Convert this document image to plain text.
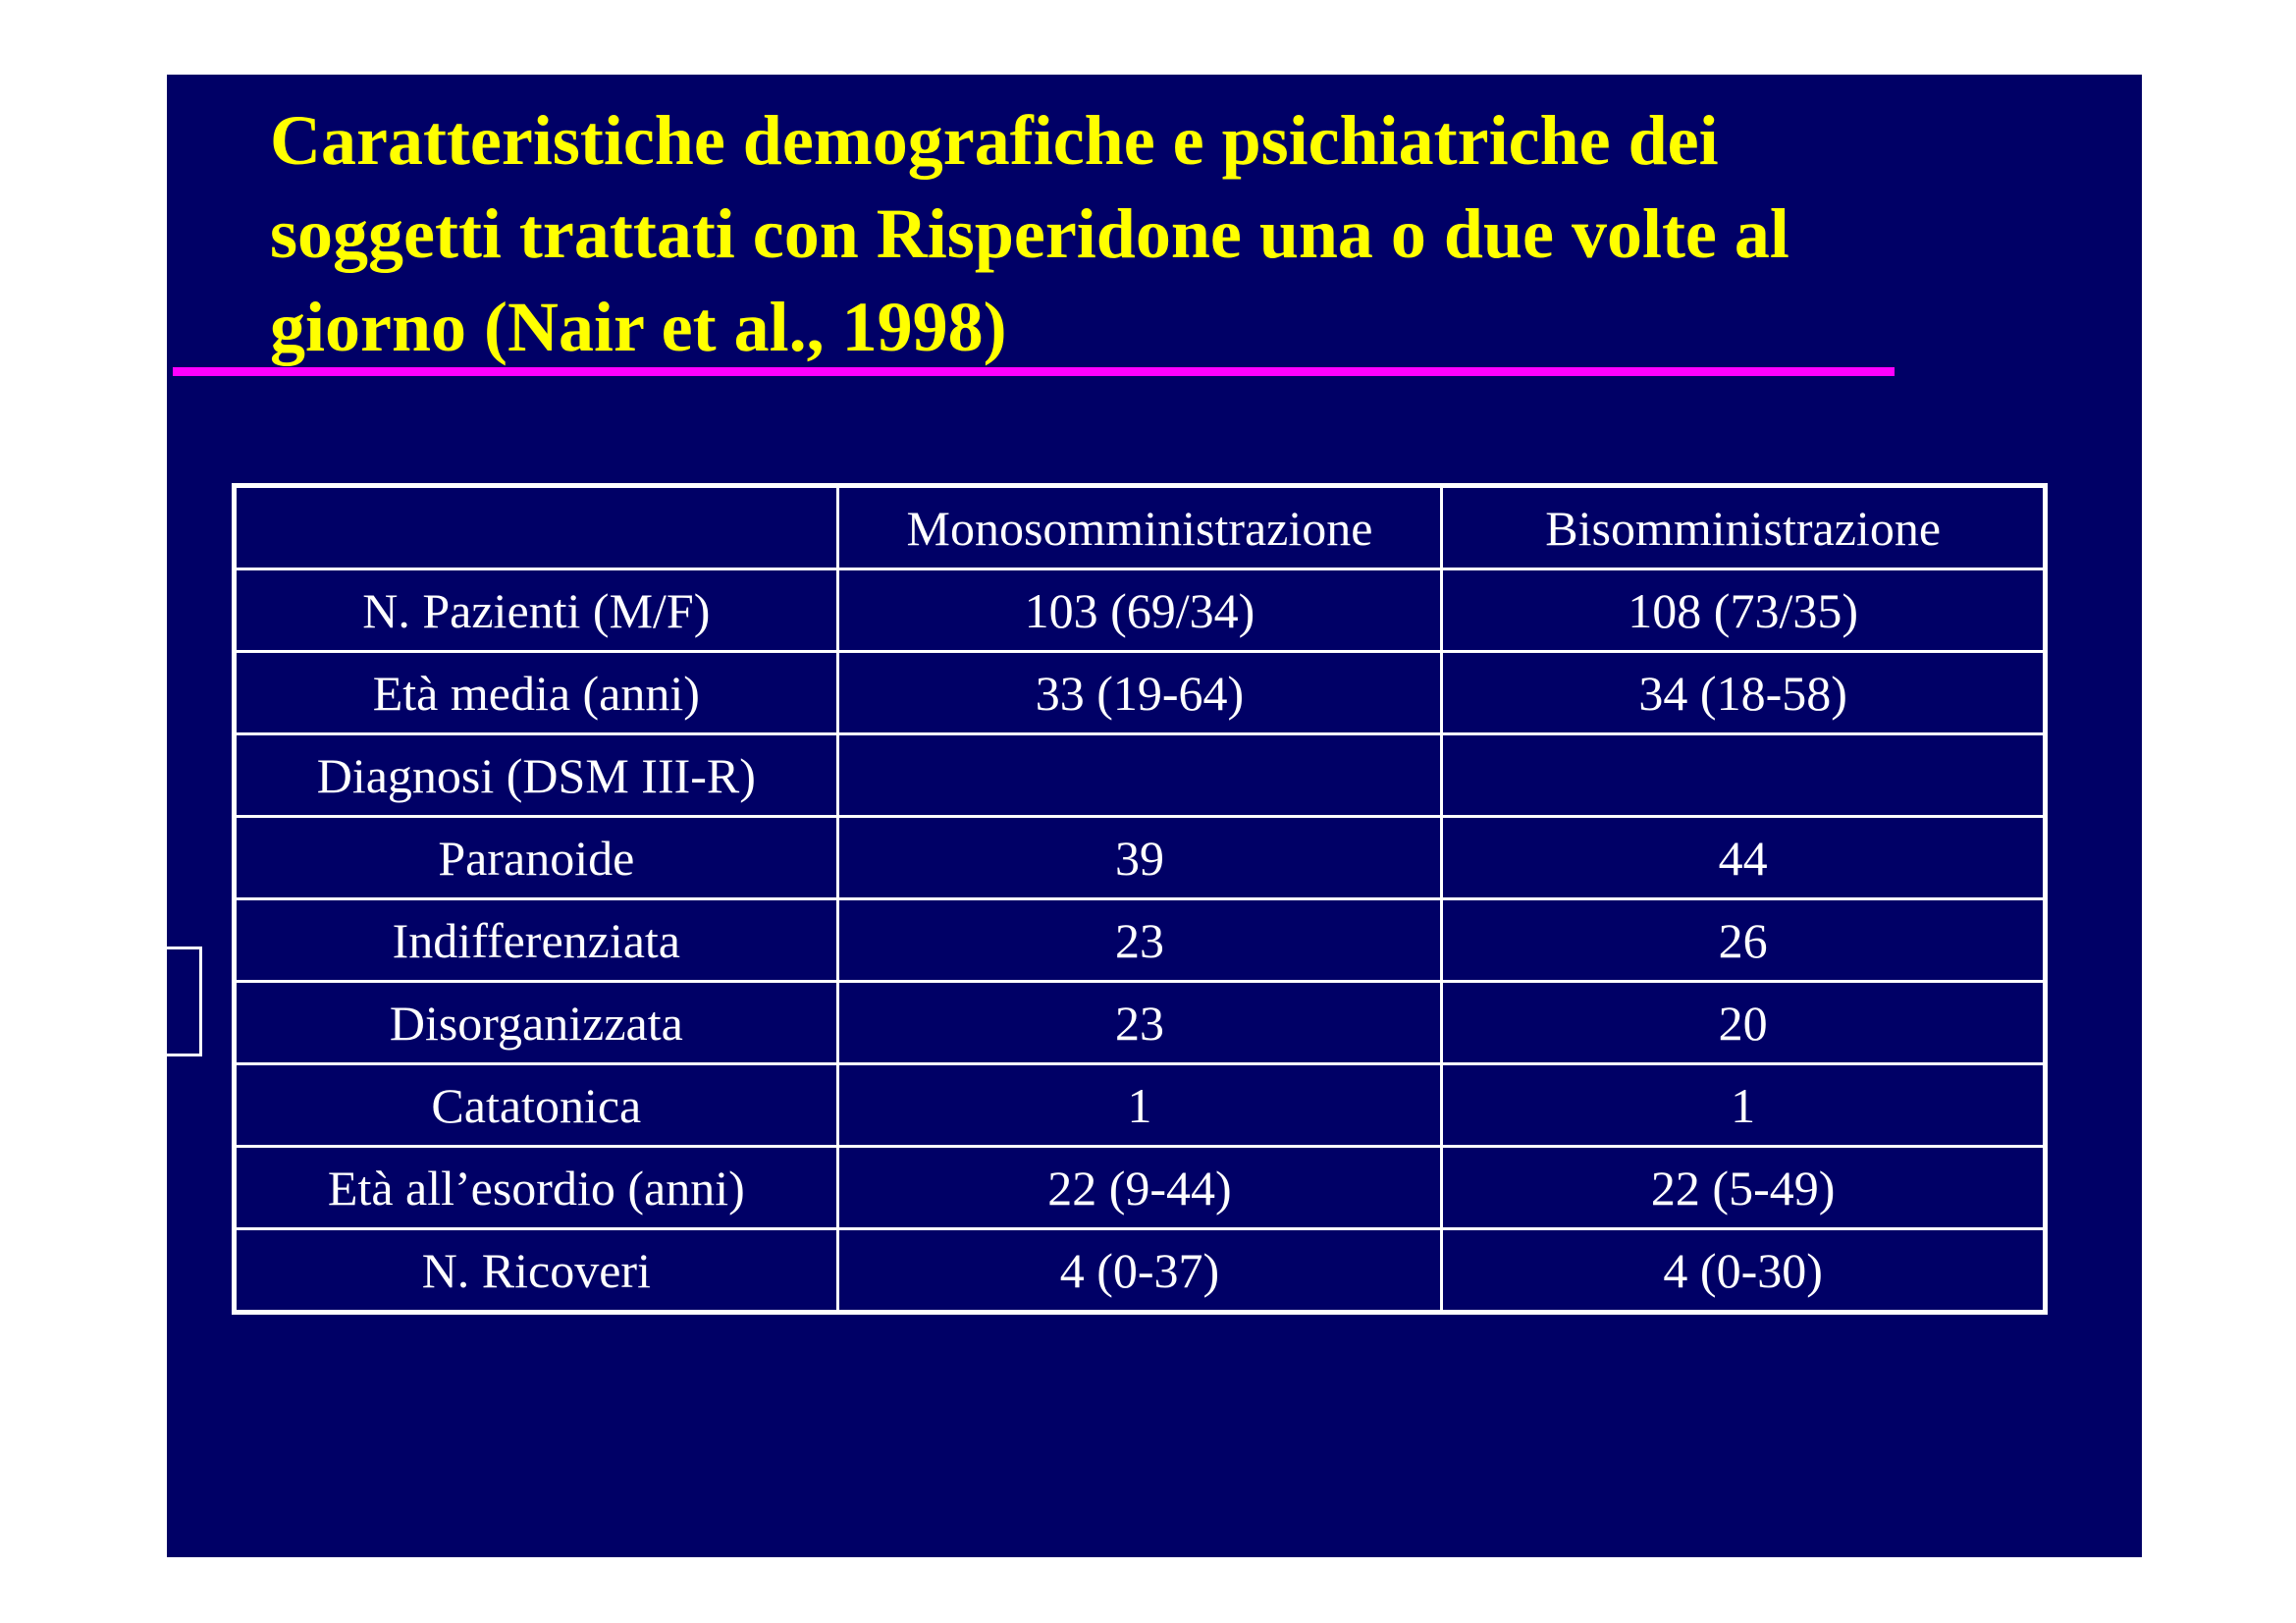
Caratteristiche demografiche e psichiatriche dei soggetti trattati con Risperidone una o due volte al giorno (Nair et al., 1998)
	Monosomministrazione	Bisomministrazione
N. Pazienti (M/F)	103 (69/34)	108 (73/35)
Età media (anni)	33 (19-64)	34 (18-58)
Diagnosi (DSM III-R)		
Paranoide	39	44
Indifferenziata	23	26
Disorganizzata	23	20
Catatonica	1	1
Età all’esordio (anni)	22 (9-44)	22 (5-49)
N. Ricoveri	4 (0-37)	4 (0-30)
